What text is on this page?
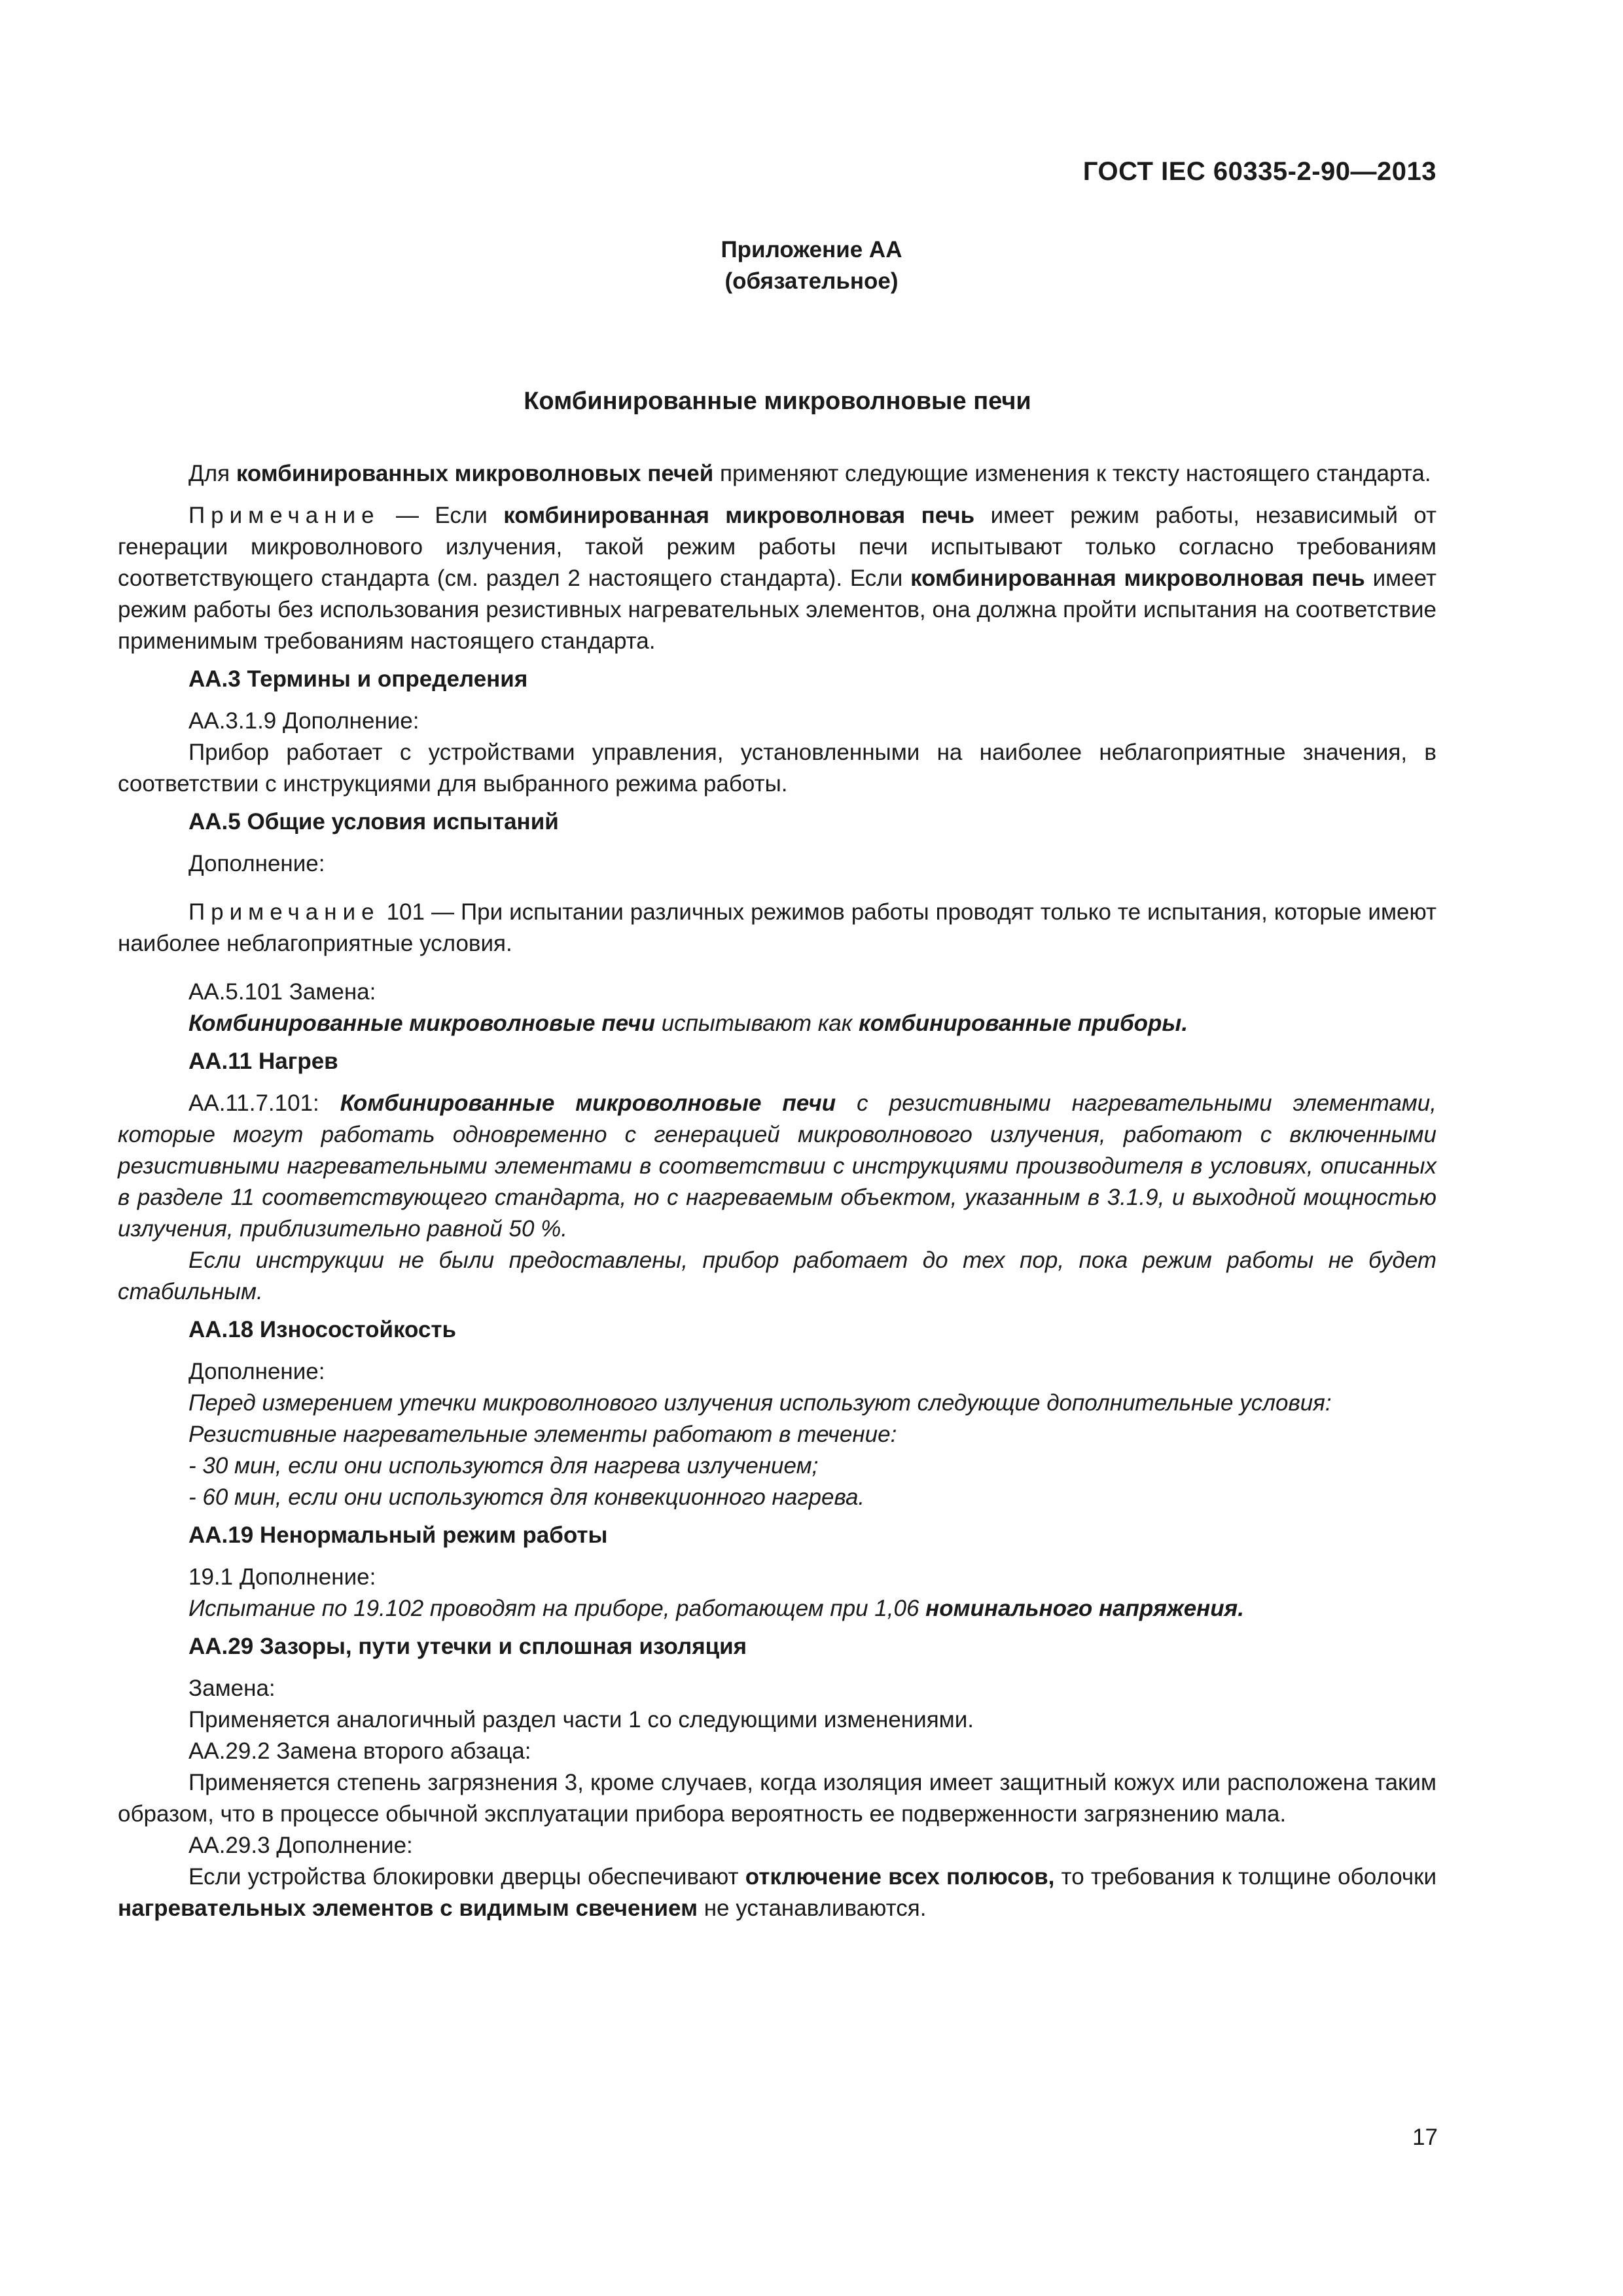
ГОСТ IEC 60335-2-90—2013
Приложение АА
(обязательное)
Комбинированные микроволновые печи

Для комбинированных микроволновых печей применяют следующие изменения к тексту настоящего стандарта.

Примечание — Если комбинированная микроволновая печь имеет режим работы, независимый от генерации микроволнового излучения, такой режим работы печи испытывают только согласно требованиям соответствующего стандарта (см. раздел 2 настоящего стандарта). Если комбинированная микроволновая печь имеет режим работы без использования резистивных нагревательных элементов, она должна пройти испытания на соответствие применимым требованиям настоящего стандарта.

АА.3 Термины и определения

АА.3.1.9 Дополнение:

Прибор работает с устройствами управления, установленными на наиболее неблагоприятные значения, в соответствии с инструкциями для выбранного режима работы.

АА.5 Общие условия испытаний

Дополнение:

Примечание 101 — При испытании различных режимов работы проводят только те испытания, которые имеют наиболее неблагоприятные условия.

АА.5.101 Замена:

Комбинированные микроволновые печи испытывают как комбинированные приборы.

АА.11 Нагрев

АА.11.7.101: Комбинированные микроволновые печи с резистивными нагревательными элементами, которые могут работать одновременно с генерацией микроволнового излучения, работают с включенными резистивными нагревательными элементами в соответствии с инструкциями производителя в условиях, описанных в разделе 11 соответствующего стандарта, но с нагреваемым объектом, указанным в 3.1.9, и выходной мощностью излучения, приблизительно равной 50 %.

Если инструкции не были предоставлены, прибор работает до тех пор, пока режим работы не будет стабильным.

АА.18 Износостойкость

Дополнение:

Перед измерением утечки микроволнового излучения используют следующие дополнительные условия:

Резистивные нагревательные элементы работают в течение:

- 30 мин, если они используются для нагрева излучением;

- 60 мин, если они используются для конвекционного нагрева.

АА.19 Ненормальный режим работы

19.1 Дополнение:

Испытание по 19.102 проводят на приборе, работающем при 1,06 номинального напряжения.

АА.29 Зазоры, пути утечки и сплошная изоляция

Замена:

Применяется аналогичный раздел части 1 со следующими изменениями.

АА.29.2 Замена второго абзаца:

Применяется степень загрязнения 3, кроме случаев, когда изоляция имеет защитный кожух или расположена таким образом, что в процессе обычной эксплуатации прибора вероятность ее подверженности загрязнению мала.

АА.29.3 Дополнение:

Если устройства блокировки дверцы обеспечивают отключение всех полюсов, то требования к толщине оболочки нагревательных элементов с видимым свечением не устанавливаются.

17
